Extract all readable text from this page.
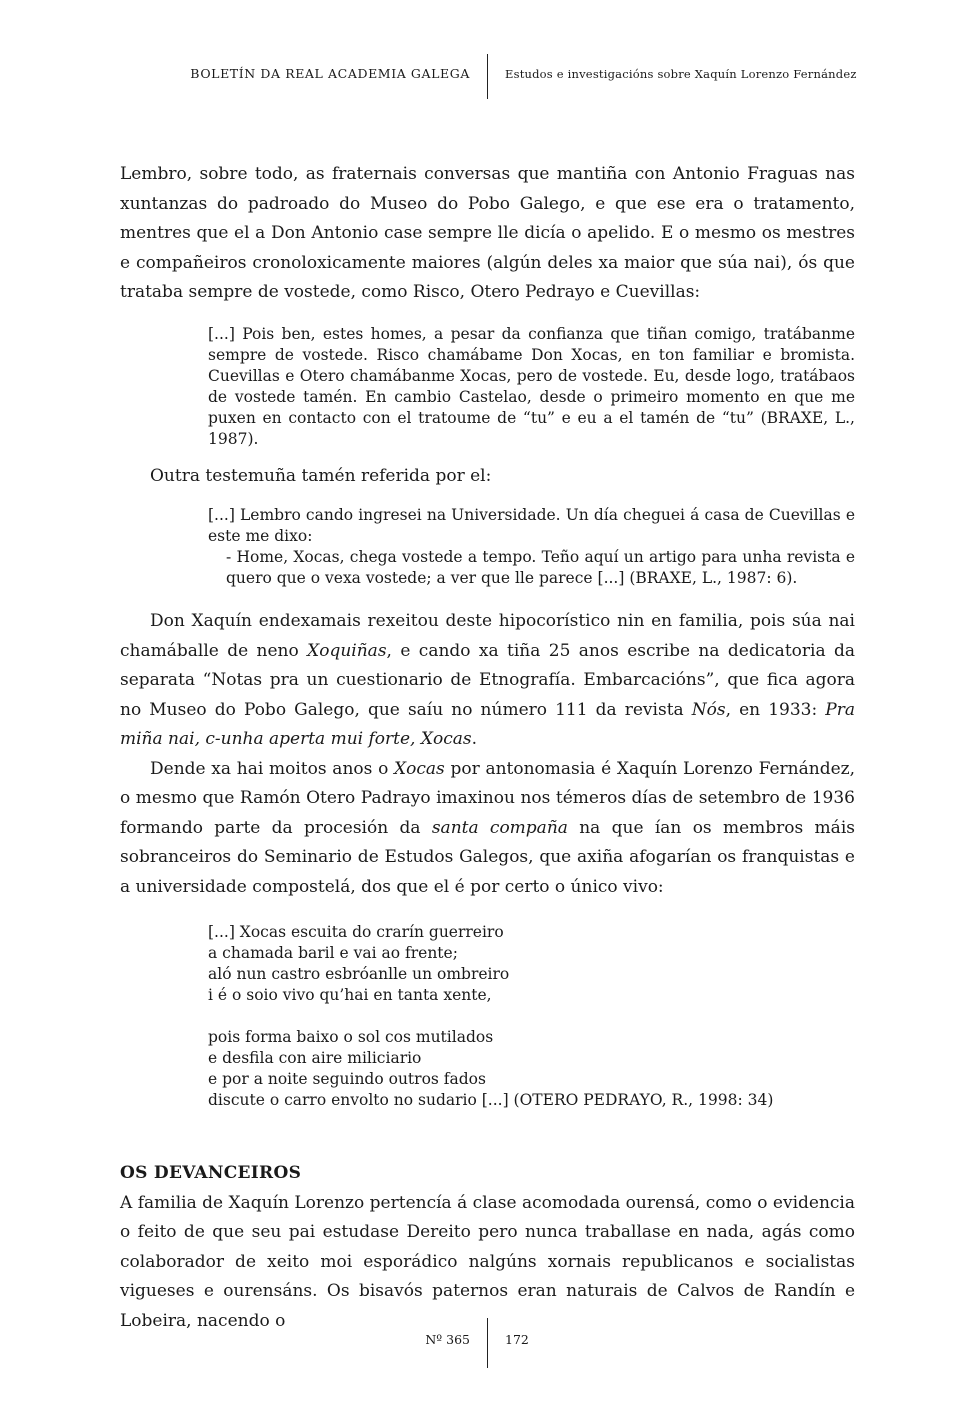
BOLETÍN DA REAL ACADEMIA GALEGA	Estudos e investigacións sobre Xaquín Lorenzo Fernández

Lembro, sobre todo, as fraternais conversas que mantiña con Antonio Fraguas nas xuntanzas do padroado do Museo do Pobo Galego, e que ese era o tratamento, mentres que el a Don Antonio case sempre lle dicía o apelido. E o mesmo os mestres e compañeiros cronoloxicamente maiores (algún deles xa maior que súa nai), ós que trataba sempre de vostede, como Risco, Otero Pedrayo e Cuevillas:

[...] Pois ben, estes homes, a pesar da confianza que tiñan comigo, tratábanme sempre de vostede. Risco chamábame Don Xocas, en ton familiar e bromista. Cuevillas e Otero chamábanme Xocas, pero de vostede. Eu, desde logo, tratábaos de vostede tamén. En cambio Castelao, desde o primeiro momento en que me puxen en contacto con el tratoume de “tu” e eu a el tamén de “tu” (BRAXE, L., 1987).

Outra testemuña tamén referida por el:

[...] Lembro cando ingresei na Universidade. Un día cheguei á casa de Cuevillas e este me dixo:
- Home, Xocas, chega vostede a tempo. Teño aquí un artigo para unha revista e quero que o vexa vostede; a ver que lle parece [...] (BRAXE, L., 1987: 6).

Don Xaquín endexamais rexeitou deste hipocorístico nin en familia, pois súa nai chamáballe de neno Xoquiñas, e cando xa tiña 25 anos escribe na dedicatoria da separata “Notas pra un cuestionario de Etnografía. Embarcacións”, que fica agora no Museo do Pobo Galego, que saíu no número 111 da revista Nós, en 1933: Pra miña nai, c-unha aperta mui forte, Xocas.

Dende xa hai moitos anos o Xocas por antonomasia é Xaquín Lorenzo Fernández, o mesmo que Ramón Otero Padrayo imaxinou nos témeros días de setembro de 1936 formando parte da procesión da santa compaña na que ían os membros máis sobranceiros do Seminario de Estudos Galegos, que axiña afogarían os franquistas e a universidade compostelá, dos que el é por certo o único vivo:

[...] Xocas escuita do crarín guerreiro
a chamada baril e vai ao frente;
aló nun castro esbróanlle un ombreiro
i é o soio vivo qu’hai en tanta xente,
pois forma baixo o sol cos mutilados
e desfila con aire miliciario
e por a noite seguindo outros fados
discute o carro envolto no sudario [...] (OTERO PEDRAYO, R., 1998: 34)
OS DEVANCEIROS

A familia de Xaquín Lorenzo pertencía á clase acomodada ourensá, como o evidencia o feito de que seu pai estudase Dereito pero nunca traballase en nada, agás como colaborador de xeito moi esporádico nalgúns xornais republicanos e socialistas vigueses e ourensáns. Os bisavós paternos eran naturais de Calvos de Randín e Lobeira, nacendo o

Nº 365	172
